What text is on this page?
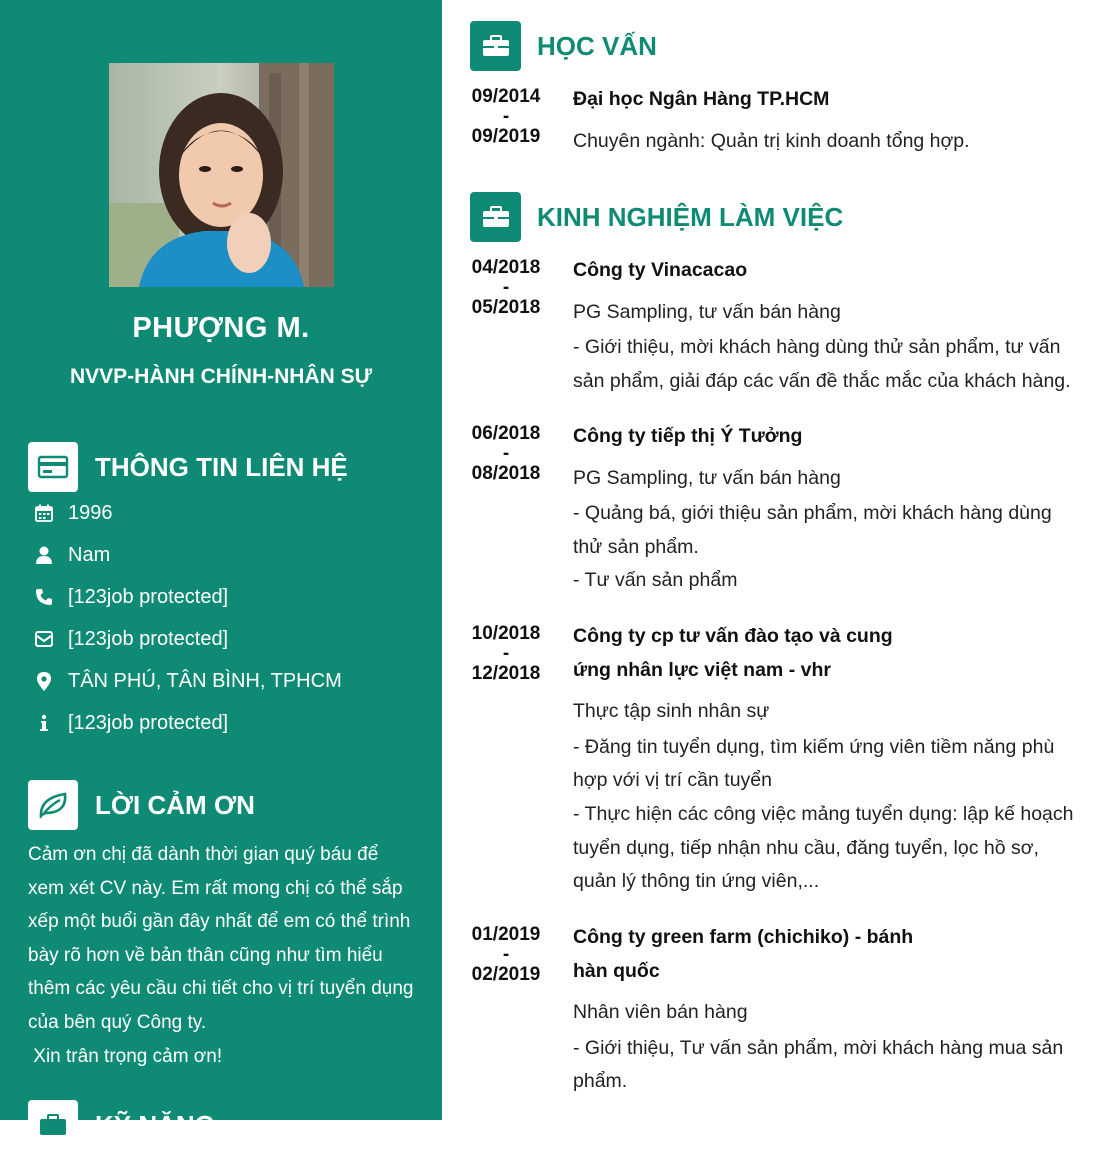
PHƯỢNG M.
NVVP-HÀNH CHÍNH-NHÂN SỰ
THÔNG TIN LIÊN HỆ
1996
Nam
[123job protected]
[123job protected]
TÂN PHÚ, TÂN BÌNH, TPHCM
[123job protected]
LỜI CẢM ƠN
Cảm ơn chị đã dành thời gian quý báu để xem xét CV này. Em rất mong chị có thể sắp xếp một buổi gần đây nhất để em có thể trình bày rõ hơn về bản thân cũng như tìm hiểu thêm các yêu cầu chi tiết cho vị trí tuyển dụng của bên quý Công ty.
Xin trân trọng cảm ơn!
KỸ NĂNG
HỌC VẤN
09/2014
-
09/2019
Đại học Ngân Hàng TP.HCM
Chuyên ngành: Quản trị kinh doanh tổng hợp.
KINH NGHIỆM LÀM VIỆC
04/2018
-
05/2018
Công ty Vinacacao
PG Sampling, tư vấn bán hàng
- Giới thiệu, mời khách hàng dùng thử sản phẩm, tư vấn sản phẩm, giải đáp các vấn đề thắc mắc của khách hàng.
06/2018
-
08/2018
Công ty tiếp thị Ý Tưởng
PG Sampling, tư vấn bán hàng
- Quảng bá, giới thiệu sản phẩm, mời khách hàng dùng thử sản phẩm.
- Tư vấn sản phẩm
10/2018
-
12/2018
Công ty cp tư vấn đào tạo và cung ứng nhân lực việt nam - vhr
Thực tập sinh nhân sự
- Đăng tin tuyển dụng, tìm kiếm ứng viên tiềm năng phù hợp với vị trí cần tuyển
- Thực hiện các công việc mảng tuyển dụng: lập kế hoạch tuyển dụng, tiếp nhận nhu cầu, đăng tuyển, lọc hồ sơ, quản lý thông tin ứng viên,...
01/2019
-
02/2019
Công ty green farm (chichiko) - bánh hàn quốc
Nhân viên bán hàng
- Giới thiệu, Tư vấn sản phẩm, mời khách hàng mua sản phẩm.
